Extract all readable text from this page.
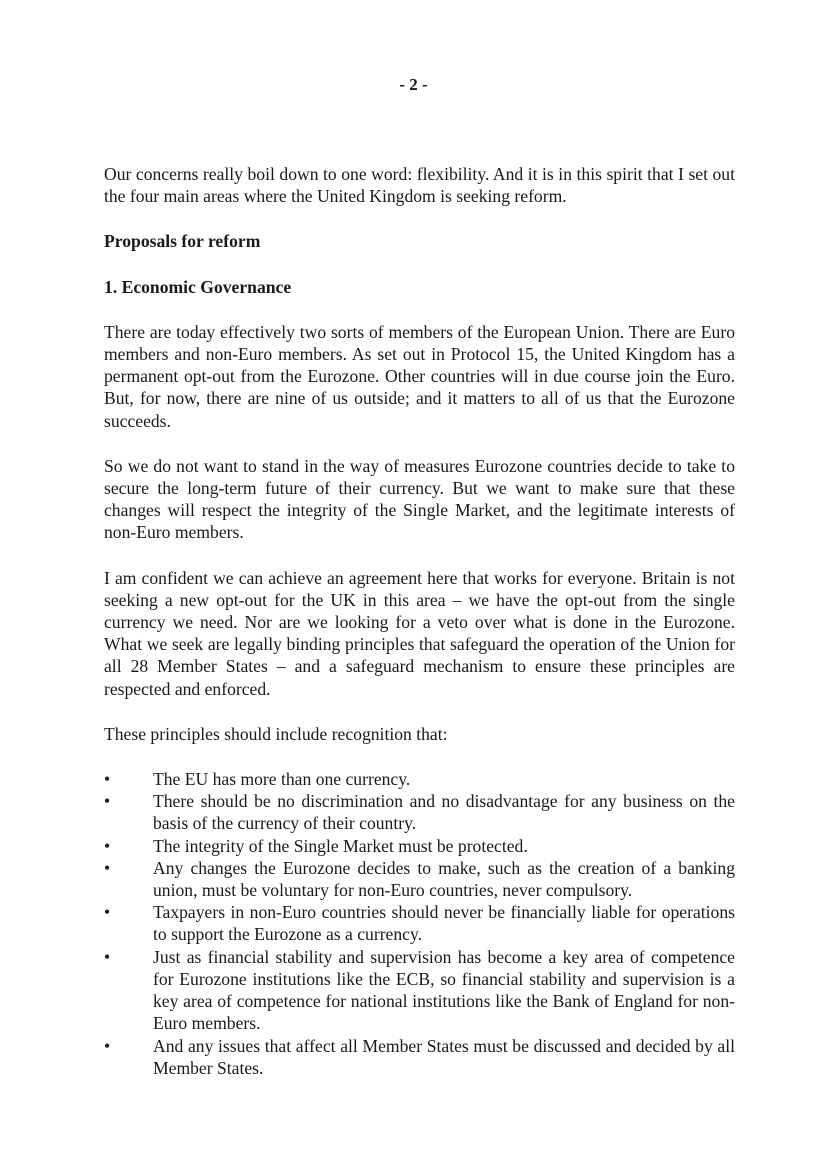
- 2 -

Our concerns really boil down to one word: flexibility. And it is in this spirit that I set out the four main areas where the United Kingdom is seeking reform.

Proposals for reform

1. Economic Governance

There are today effectively two sorts of members of the European Union. There are Euro members and non-Euro members. As set out in Protocol 15, the United Kingdom has a permanent opt-out from the Eurozone. Other countries will in due course join the Euro. But, for now, there are nine of us outside; and it matters to all of us that the Eurozone succeeds.

So we do not want to stand in the way of measures Eurozone countries decide to take to secure the long-term future of their currency. But we want to make sure that these changes will respect the integrity of the Single Market, and the legitimate interests of non-Euro members.

I am confident we can achieve an agreement here that works for everyone. Britain is not seeking a new opt-out for the UK in this area – we have the opt-out from the single currency we need. Nor are we looking for a veto over what is done in the Eurozone. What we seek are legally binding principles that safeguard the operation of the Union for all 28 Member States – and a safeguard mechanism to ensure these principles are respected and enforced.

These principles should include recognition that:

•	The EU has more than one currency.
•	There should be no discrimination and no disadvantage for any business on the basis of the currency of their country.
•	The integrity of the Single Market must be protected.
•	Any changes the Eurozone decides to make, such as the creation of a banking union, must be voluntary for non-Euro countries, never compulsory.
•	Taxpayers in non-Euro countries should never be financially liable for operations to support the Eurozone as a currency.
•	Just as financial stability and supervision has become a key area of competence for Eurozone institutions like the ECB, so financial stability and supervision is a key area of competence for national institutions like the Bank of England for non-Euro members.
•	And any issues that affect all Member States must be discussed and decided by all Member States.
